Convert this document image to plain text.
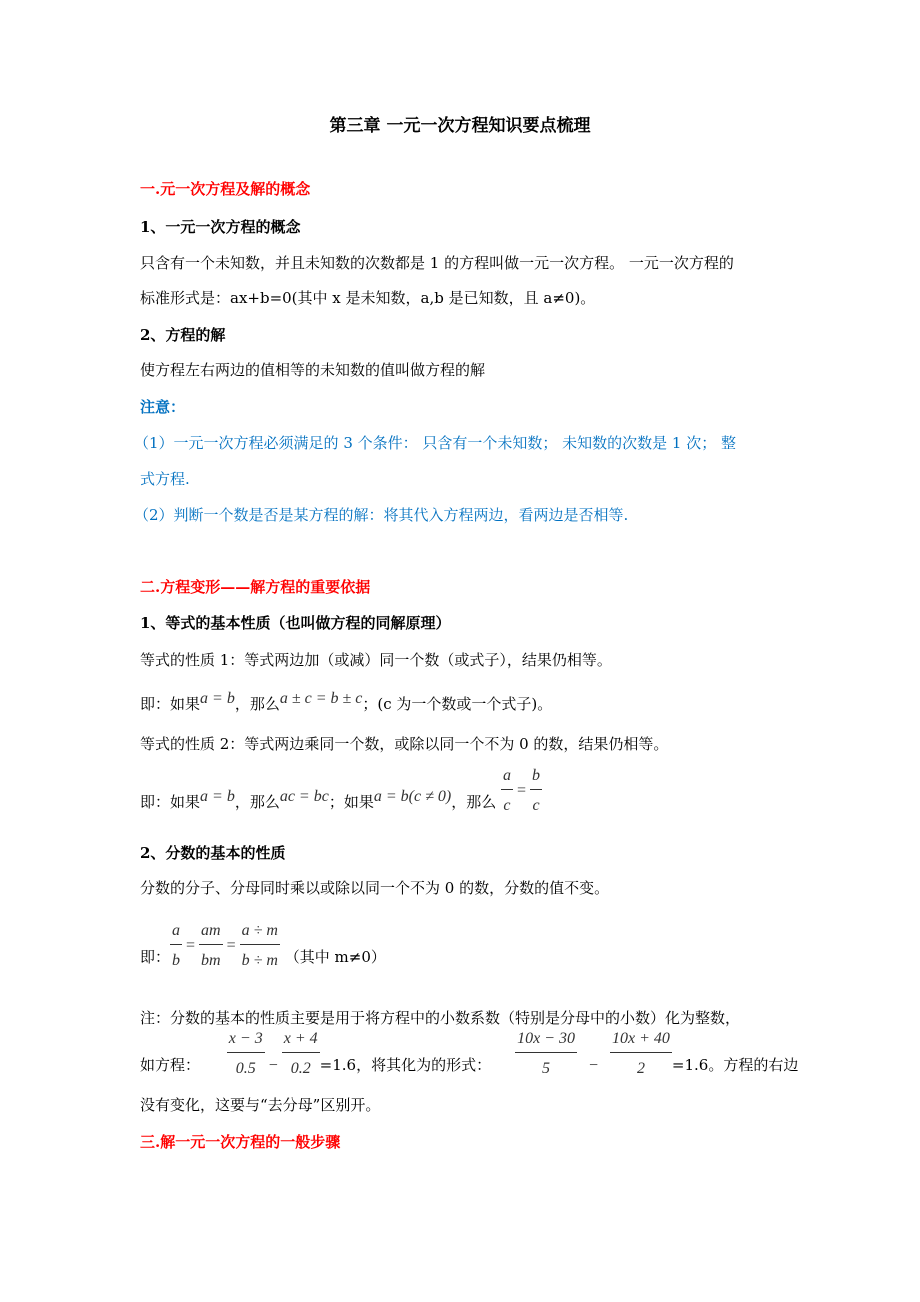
第三章 一元一次方程知识要点梳理
一.元一次方程及解的概念
1、一元一次方程的概念
只含有一个未知数，并且未知数的次数都是 1 的方程叫做一元一次方程。 一元一次方程的
标准形式是：ax+b=0(其中 x 是未知数，a,b 是已知数，且 a≠0)。
2、方程的解
使方程左右两边的值相等的未知数的值叫做方程的解
注意：
（1）一元一次方程必须满足的 3 个条件： 只含有一个未知数； 未知数的次数是 1 次； 整
式方程.
（2）判断一个数是否是某方程的解：将其代入方程两边，看两边是否相等.
二.方程变形——解方程的重要依据
1、等式的基本性质（也叫做方程的同解原理）
等式的性质 1：等式两边加（或减）同一个数（或式子），结果仍相等。
即：如果a = b，那么a ± c = b ± c；(c 为一个数或一个式子)。
等式的性质 2：等式两边乘同一个数，或除以同一个不为 0 的数，结果仍相等。
即：如果a = b，那么ac = bc；如果a = b(c ≠ 0)，那么 $\frac{a}{c} = \frac{b}{c}$
2、分数的基本的性质
分数的分子、分母同时乘以或除以同一个不为 0 的数，分数的值不变。
即： $\frac{a}{b} = \frac{am}{bm} = \frac{a \div m}{b \div m}$ （其中 m≠0）
注：分数的基本的性质主要是用于将方程中的小数系数（特别是分母中的小数）化为整数，
如方程： $\frac{x - 3}{0.5} - \frac{x + 4}{0.2} =1.6$，将其化为的形式： $\frac{10x - 30}{5} - \frac{10x + 40}{2} =1.6$。方程的右边
没有变化，这要与“去分母”区别开。
三.解一元一次方程的一般步骤
